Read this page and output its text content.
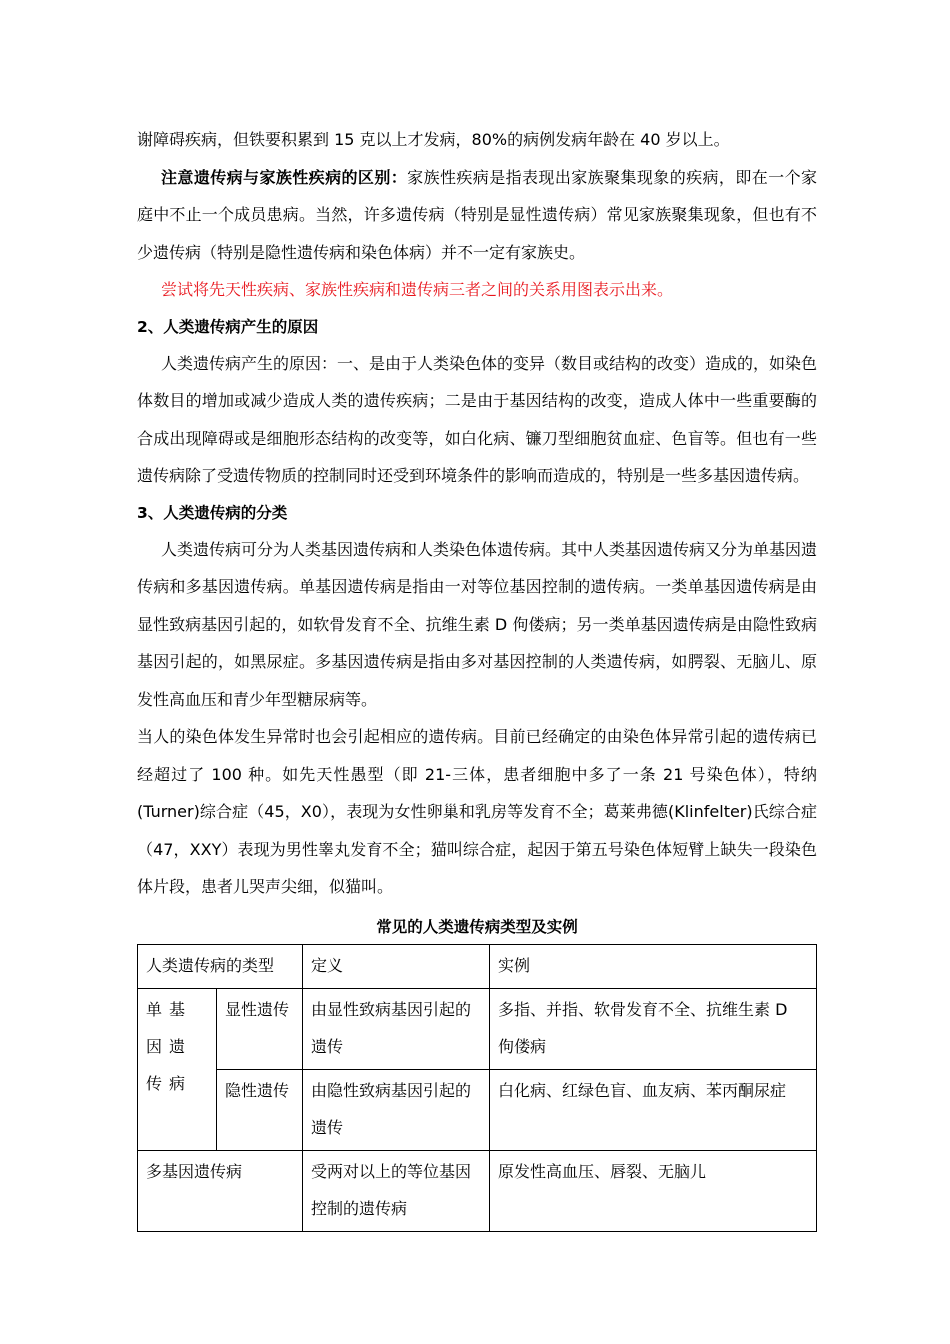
谢障碍疾病，但铁要积累到 15 克以上才发病，80%的病例发病年龄在 40 岁以上。

注意遗传病与家族性疾病的区别：家族性疾病是指表现出家族聚集现象的疾病，即在一个家庭中不止一个成员患病。当然，许多遗传病（特别是显性遗传病）常见家族聚集现象，但也有不少遗传病（特别是隐性遗传病和染色体病）并不一定有家族史。

尝试将先天性疾病、家族性疾病和遗传病三者之间的关系用图表示出来。

2、人类遗传病产生的原因

人类遗传病产生的原因：一、是由于人类染色体的变异（数目或结构的改变）造成的，如染色体数目的增加或减少造成人类的遗传疾病；二是由于基因结构的改变，造成人体中一些重要酶的合成出现障碍或是细胞形态结构的改变等，如白化病、镰刀型细胞贫血症、色盲等。但也有一些遗传病除了受遗传物质的控制同时还受到环境条件的影响而造成的，特别是一些多基因遗传病。

3、人类遗传病的分类

人类遗传病可分为人类基因遗传病和人类染色体遗传病。其中人类基因遗传病又分为单基因遗传病和多基因遗传病。单基因遗传病是指由一对等位基因控制的遗传病。一类单基因遗传病是由显性致病基因引起的，如软骨发育不全、抗维生素 D 佝偻病；另一类单基因遗传病是由隐性致病基因引起的，如黑尿症。多基因遗传病是指由多对基因控制的人类遗传病，如腭裂、无脑儿、原发性高血压和青少年型糖尿病等。

当人的染色体发生异常时也会引起相应的遗传病。目前已经确定的由染色体异常引起的遗传病已经超过了 100 种。如先天性愚型（即 21-三体，患者细胞中多了一条 21 号染色体），特纳(Turner)综合症（45，X0），表现为女性卵巢和乳房等发育不全；葛莱弗德(Klinfelter)氏综合症（47，XXY）表现为男性睾丸发育不全；猫叫综合症，起因于第五号染色体短臂上缺失一段染色体片段，患者儿哭声尖细，似猫叫。

常见的人类遗传病类型及实例

人类遗传病的类型		定义	实例
单基因遗传病	显性遗传	由显性致病基因引起的遗传	多指、并指、软骨发育不全、抗维生素 D 佝偻病
	隐性遗传	由隐性致病基因引起的遗传	白化病、红绿色盲、血友病、苯丙酮尿症
多基因遗传病		受两对以上的等位基因控制的遗传病	原发性高血压、唇裂、无脑儿
